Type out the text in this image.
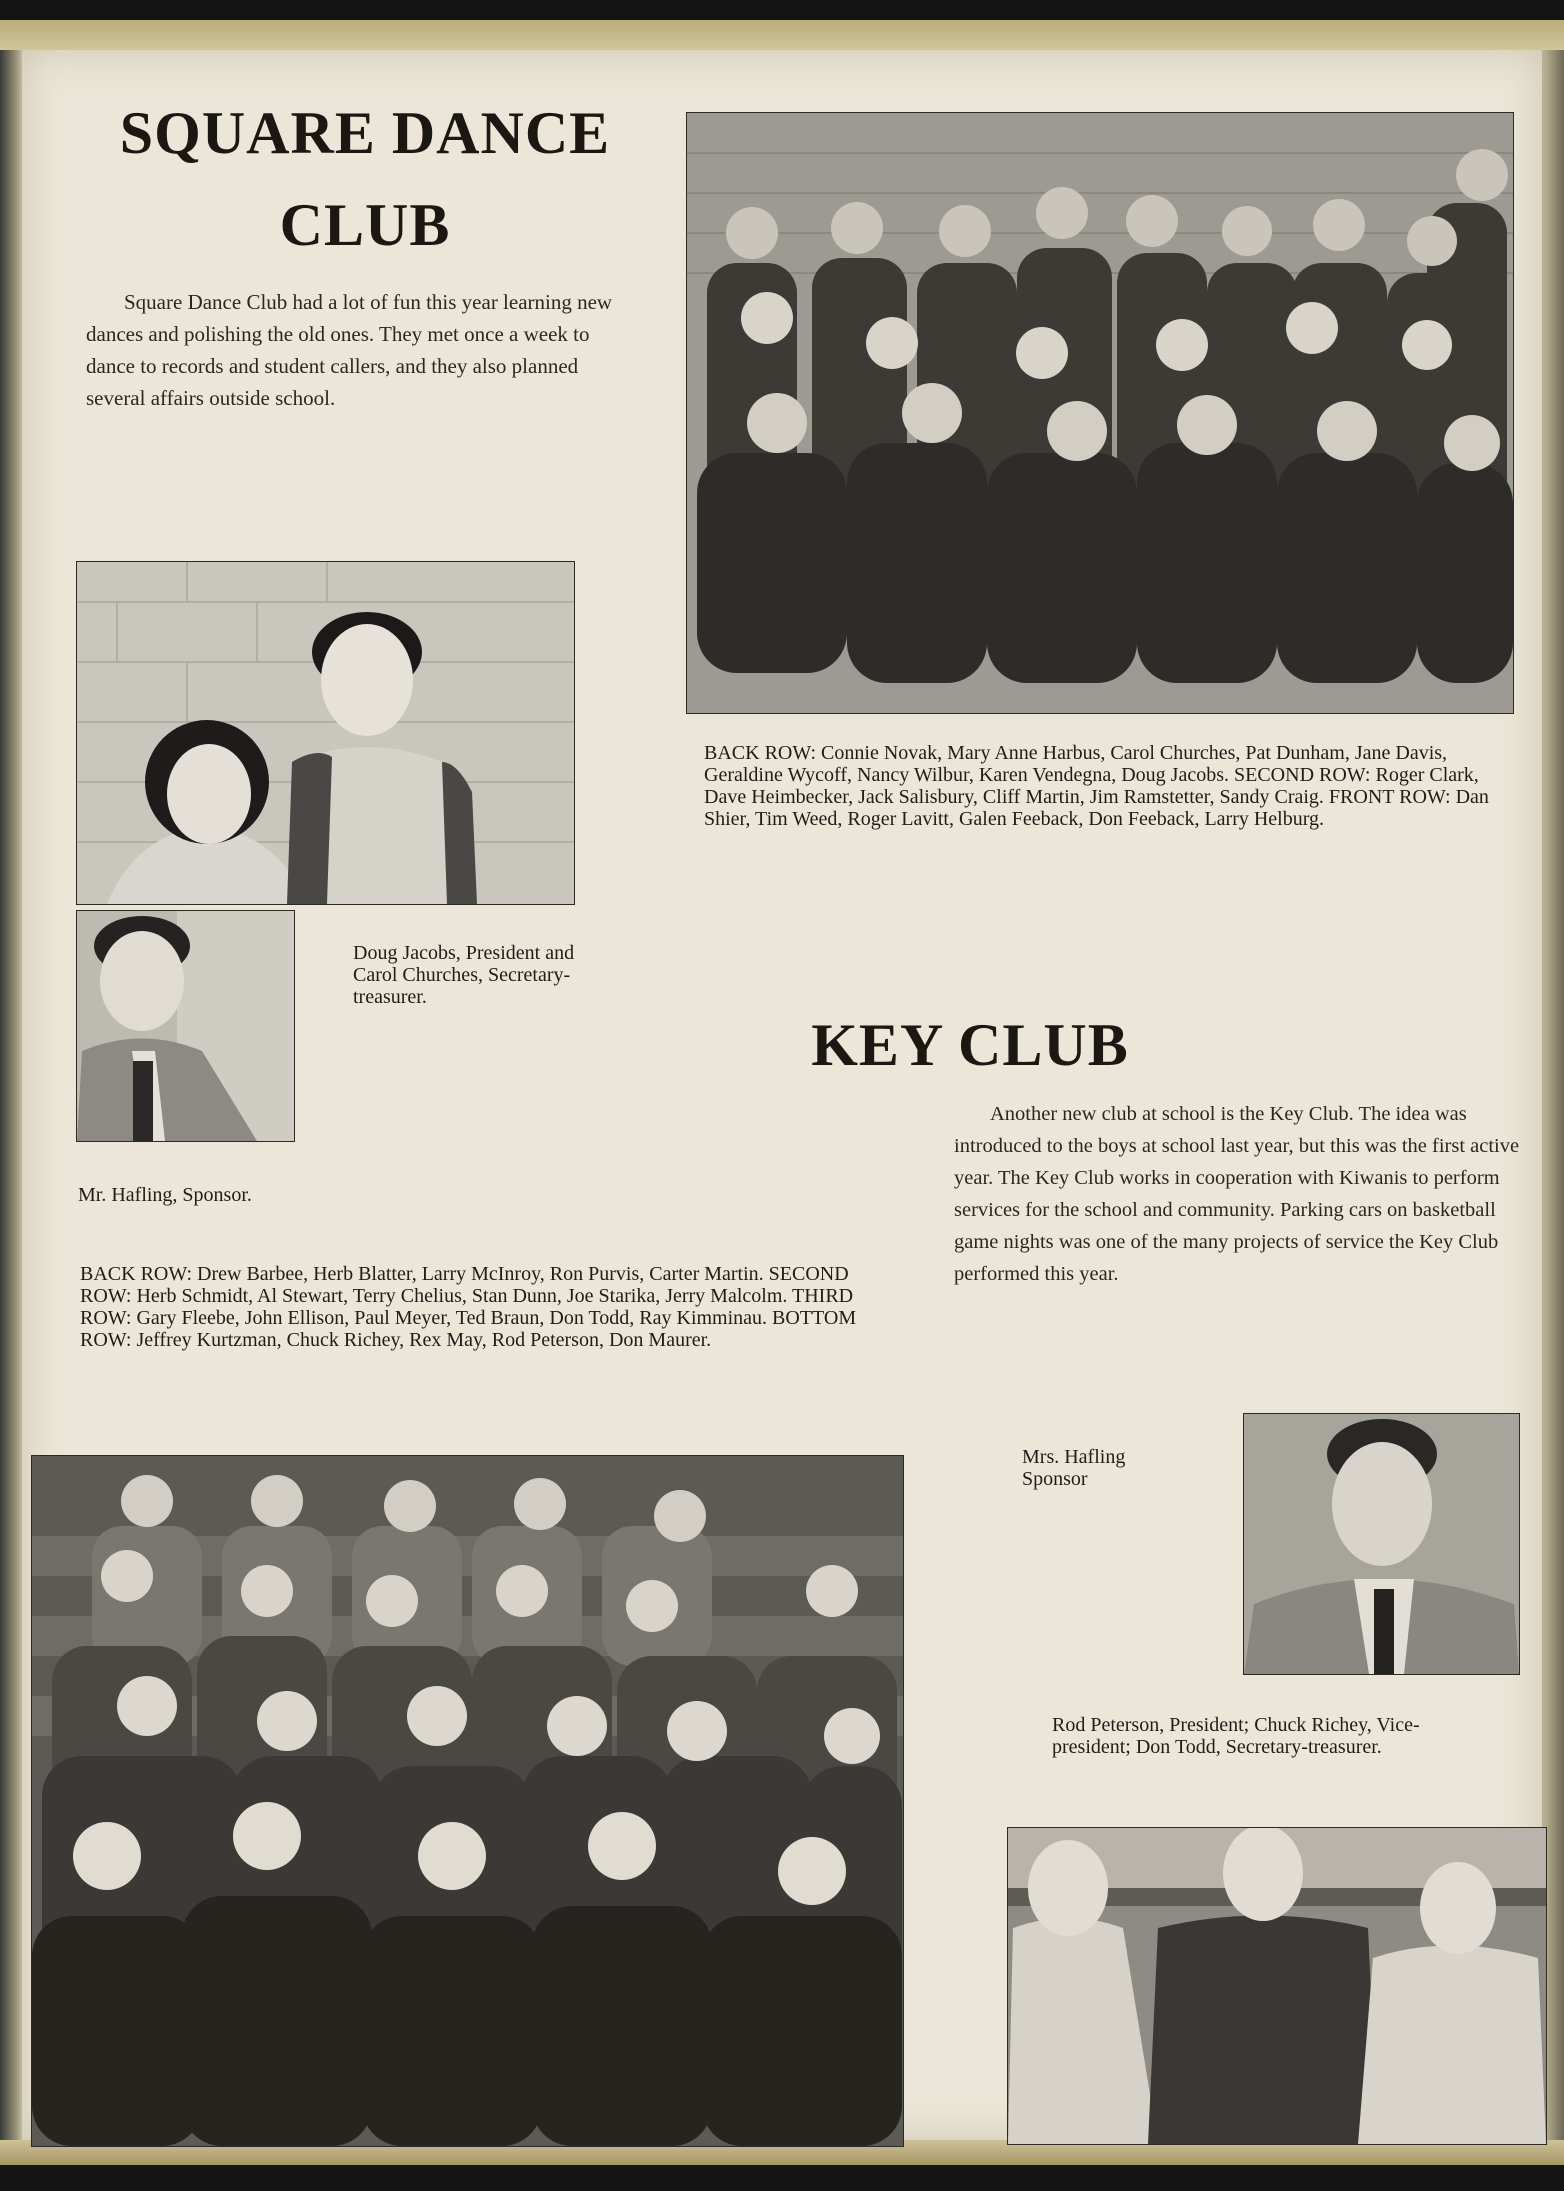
SQUARE DANCE
CLUB

Square Dance Club had a lot of fun this year learning new dances and polishing the old ones. They met once a week to dance to records and student callers, and they also planned several affairs outside school.

BACK ROW: Connie Novak, Mary Anne Harbus, Carol Churches, Pat Dunham, Jane Davis, Geraldine Wycoff, Nancy Wilbur, Karen Vendegna, Doug Jacobs. SECOND ROW: Roger Clark, Dave Heimbecker, Jack Salisbury, Cliff Martin, Jim Ramstetter, Sandy Craig. FRONT ROW: Dan Shier, Tim Weed, Roger Lavitt, Galen Feeback, Don Feeback, Larry Helburg.

Doug Jacobs, President and Carol Churches, Secretary-treasurer.

Mr. Hafling, Sponsor.

KEY CLUB

Another new club at school is the Key Club. The idea was introduced to the boys at school last year, but this was the first active year. The Key Club works in cooperation with Kiwanis to perform services for the school and community. Parking cars on basketball game nights was one of the many projects of service the Key Club performed this year.

BACK ROW: Drew Barbee, Herb Blatter, Larry McInroy, Ron Purvis, Carter Martin. SECOND ROW: Herb Schmidt, Al Stewart, Terry Chelius, Stan Dunn, Joe Starika, Jerry Malcolm. THIRD ROW: Gary Fleebe, John Ellison, Paul Meyer, Ted Braun, Don Todd, Ray Kimminau. BOTTOM ROW: Jeffrey Kurtzman, Chuck Richey, Rex May, Rod Peterson, Don Maurer.

Mrs. Hafling Sponsor

Rod Peterson, President; Chuck Richey, Vice-president; Don Todd, Secretary-treasurer.
